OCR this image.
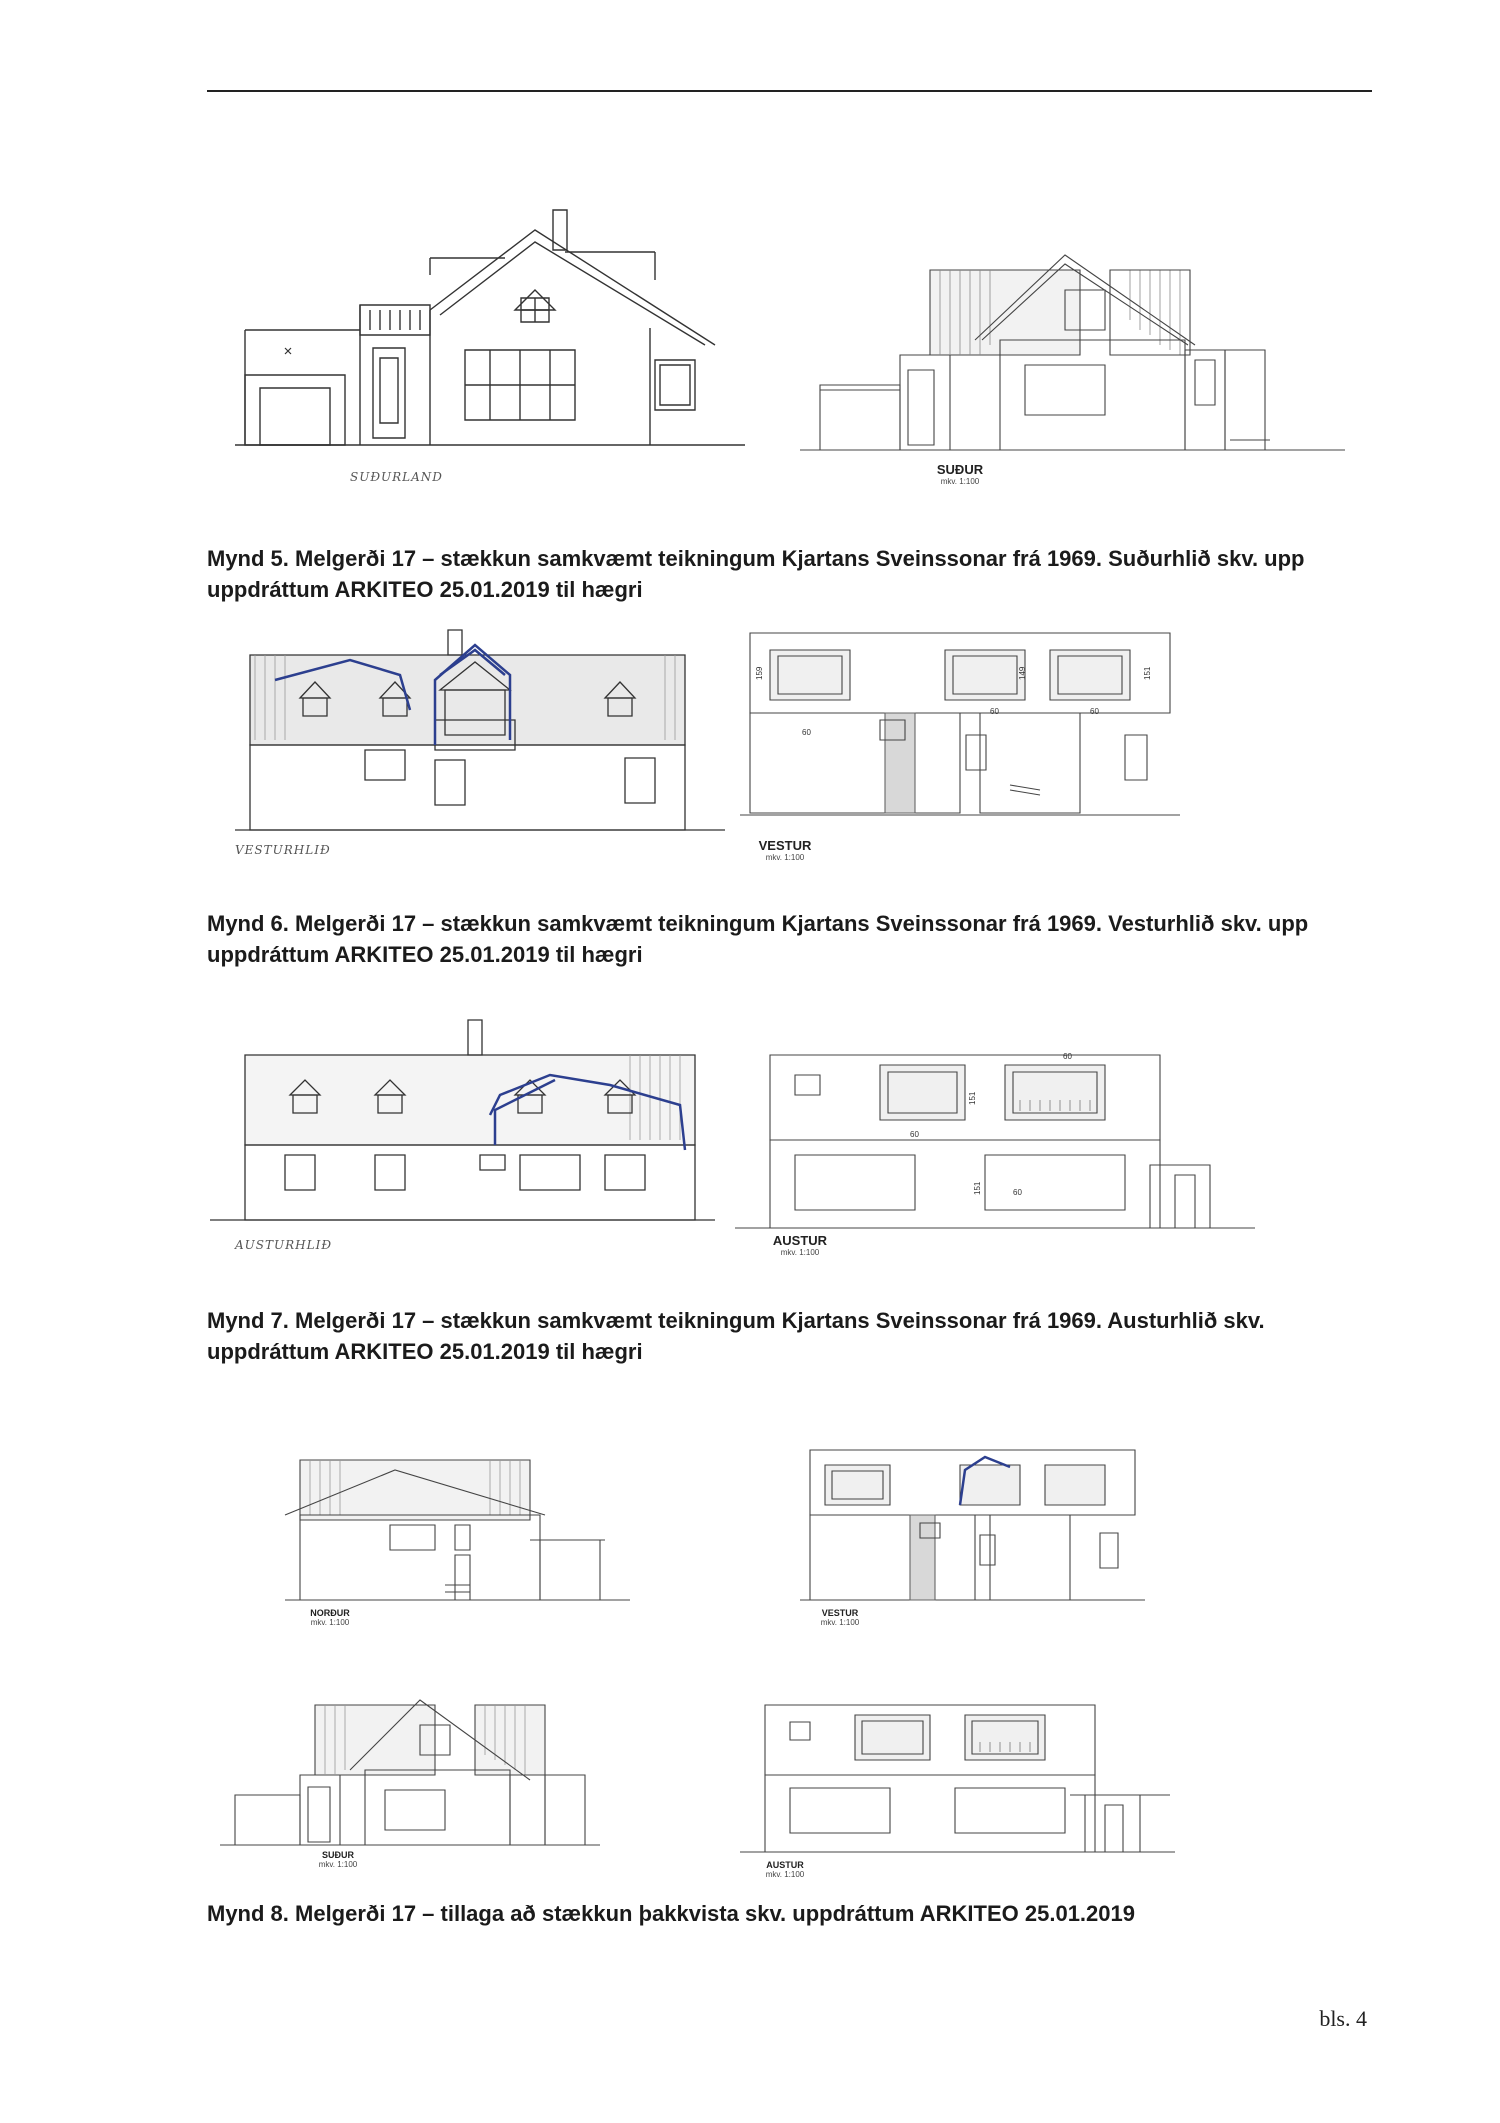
SUÐURLAND	SUÐUR
mkv. 1:100
Mynd 5. Melgerði 17 – stækkun samkvæmt teikningum Kjartans Sveinssonar frá 1969. Suðurhlið skv. upp uppdráttum ARKITEO 25.01.2019 til hægri
VESTURHLIÐ
159	149	151
60
60	60
VESTUR
mkv. 1:100
Mynd 6. Melgerði 17 – stækkun samkvæmt teikningum Kjartans Sveinssonar frá 1969. Vesturhlið skv. upp uppdráttum ARKITEO 25.01.2019 til hægri
AUSTURHLIÐ
60
151
60
151	60
AUSTUR
mkv. 1:100
Mynd 7. Melgerði 17 – stækkun samkvæmt teikningum Kjartans Sveinssonar frá 1969. Austurhlið skv. uppdráttum ARKITEO 25.01.2019 til hægri
NORÐUR
mkv. 1:100
VESTUR
mkv. 1:100
SUÐUR
mkv. 1:100	AUSTUR
mkv. 1:100
Mynd 8. Melgerði 17 – tillaga að stækkun þakkvista skv. uppdráttum ARKITEO 25.01.2019
bls. 4
